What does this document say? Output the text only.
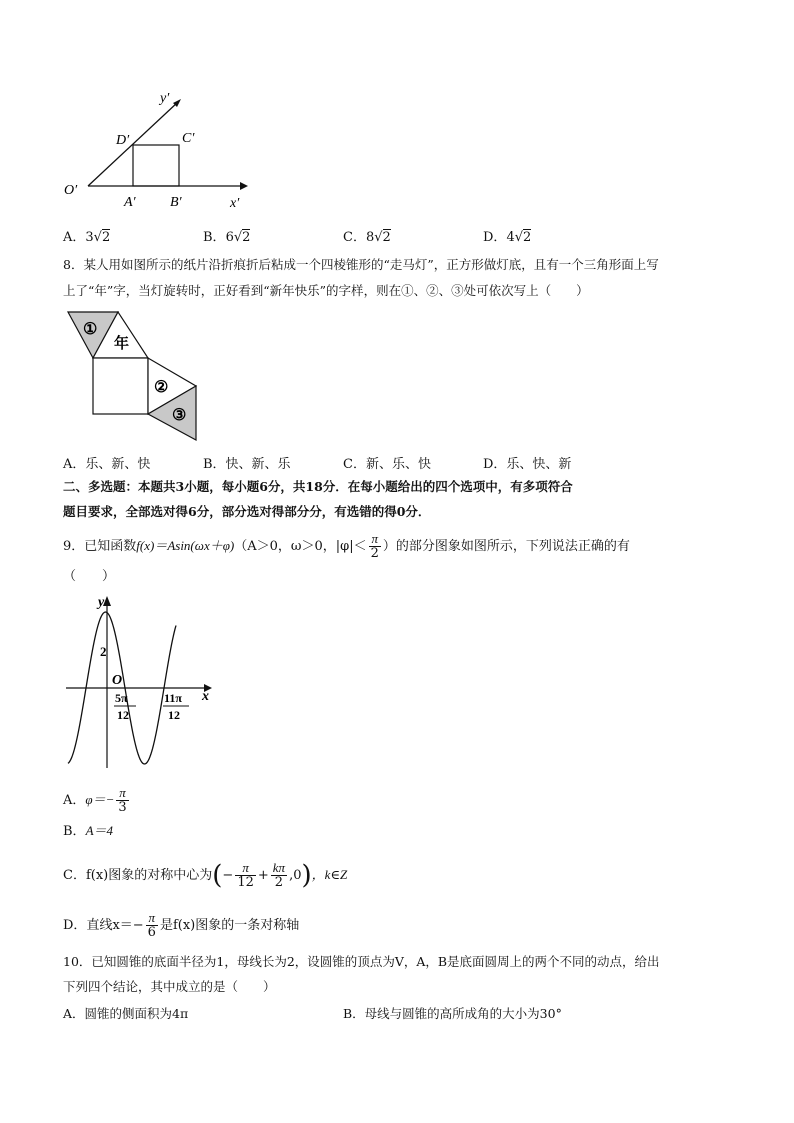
y′
x′
O′
D′	C′
A′ B′
A．3√2	B．6√2	C．8√2	D．4√2
8．某人用如图所示的纸片沿折痕折后粘成一个四棱锥形的“走马灯”，正方形做灯底，且有一个三角形面上写
上了“年”字，当灯旋转时，正好看到“新年快乐”的字样，则在①、②、③处可依次写上（　　）
①
年
②
③
A．乐、新、快	B．快、新、乐	C．新、乐、快	D．乐、快、新
二、多选题：本题共3小题，每小题6分，共18分．在每小题给出的四个选项中，有多项符合
题目要求，全部选对得6分，部分选对得部分分，有选错的得0分．
9．已知函数f(x)＝Asin(ωx＋φ)（A＞0，ω＞0，$|\varphi|< \frac{\pi}{2}$ ）的部分图象如图所示，下列说法正确的有
（　　）
y
x
O
2
5π
12
11π
12
A．$\varphi=- \frac{\pi}{3}$
B．A＝4
C．f(x)图象的对称中心为(− $\frac{\pi}{12} + \frac{k\pi}{2} ,0$)，k∈Z
D．直线$x=- \frac{\pi}{6}$ 是f(x)图象的一条对称轴
10．已知圆锥的底面半径为1，母线长为2，设圆锥的顶点为V，A，B是底面圆周上的两个不同的动点，给出
下列四个结论，其中成立的是（　　）
A．圆锥的侧面积为4π	B．母线与圆锥的高所成角的大小为30°
